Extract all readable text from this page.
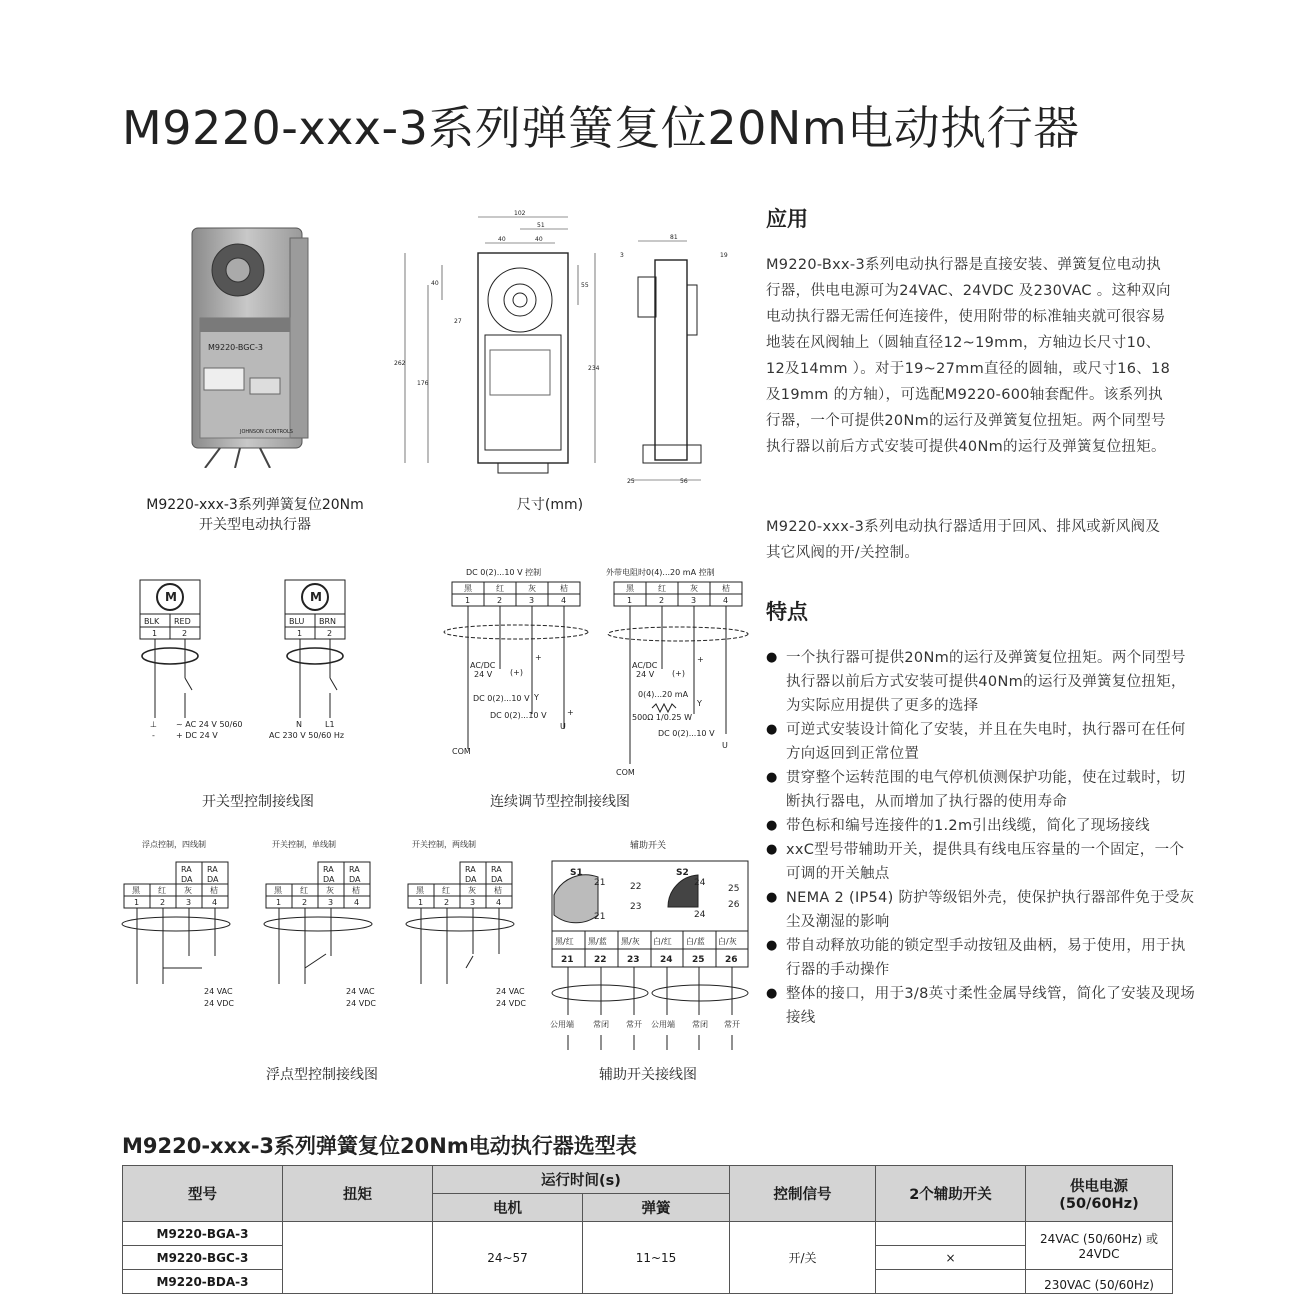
M9220-xxx-3系列弹簧复位20Nm电动执行器
M9220-BGC-3
JOHNSON CONTROLS
M9220-xxx-3系列弹簧复位20Nm
开关型电动执行器
102
51
40	40
262
176
40
27
55
234
81
19
3
25	56
尺寸(mm)
M
BLK RED
1	2
⊥
-
~ AC 24 V 50/60
+ DC 24 V
M
BLU BRN
1	2
N	L1
AC 230 V 50/60 Hz
开关型控制接线图
DC 0(2)...10 V 控制
黑	红	灰	桔
1	2	3	4
AC/DC
24 V (+)
+
DC 0(2)...10 V Y
DC 0(2)...10 V	+
U
COM
外带电阻时0(4)...20 mA 控制
黑	红	灰	桔
1	2	3	4
AC/DC
24 V (+)
+
0(4)...20 mA
500Ω 1/0.25 W
Y
DC 0(2)...10 V
U
COM
连续调节型控制接线图
浮点控制，四线制
RA
DA
RA
DA
黑 红 灰 桔
1	2	3	4
24 VAC
24 VDC
开关控制，单线制
RA
DA
RA
DA
黑 红 灰 桔
1	2	3	4
24 VAC
24 VDC
开关控制，两线制
RA
DA
RA
DA
黑 红 灰 桔
1	2	3	4
24 VAC
24 VDC
浮点型控制接线图
辅助开关
S1	S2
21	22
21
23
24
25
24
26
黑/红 黑/蓝 黑/灰 白/红 白/蓝 白/灰
21 22 23 24 25 26
公用端 常闭 常开 公用端 常闭 常开
辅助开关接线图
应用
M9220-Bxx-3系列电动执行器是直接安装、弹簧复位电动执行器，供电电源可为24VAC、24VDC 及230VAC 。这种双向电动执行器无需任何连接件，使用附带的标准轴夹就可很容易地装在风阀轴上（圆轴直径12~19mm，方轴边长尺寸10、12及14mm ）。对于19~27mm直径的圆轴，或尺寸16、18及19mm 的方轴），可选配M9220-600轴套配件。该系列执行器，一个可提供20Nm的运行及弹簧复位扭矩。两个同型号执行器以前后方式安装可提供40Nm的运行及弹簧复位扭矩。
M9220-xxx-3系列电动执行器适用于回风、排风或新风阀及其它风阀的开/关控制。
特点
● 一个执行器可提供20Nm的运行及弹簧复位扭矩。两个同型号执行器以前后方式安装可提供40Nm的运行及弹簧复位扭矩，为实际应用提供了更多的选择
● 可逆式安装设计简化了安装，并且在失电时，执行器可在任何方向返回到正常位置
● 贯穿整个运转范围的电气停机侦测保护功能，使在过载时，切断执行器电，从而增加了执行器的使用寿命
● 带色标和编号连接件的1.2m引出线缆，简化了现场接线
● xxC型号带辅助开关，提供具有线电压容量的一个固定，一个可调的开关触点
● NEMA 2 (IP54) 防护等级铝外壳，使保护执行器部件免于受灰尘及潮湿的影响
● 带自动释放功能的锁定型手动按钮及曲柄，易于使用，用于执行器的手动操作
● 整体的接口，用于3/8英寸柔性金属导线管，简化了安装及现场接线
M9220-xxx-3系列弹簧复位20Nm电动执行器选型表
型号	扭矩	运行时间(s)		控制信号	2个辅助开关	供电电源
(50/60Hz)

		电机	弹簧			
M9220-BGA-3		24~57	11~15	开/关		24VAC (50/60Hz) 或
24VDC

M9220-BGC-3					×	
M9220-BDA-3						230VAC (50/60Hz)
